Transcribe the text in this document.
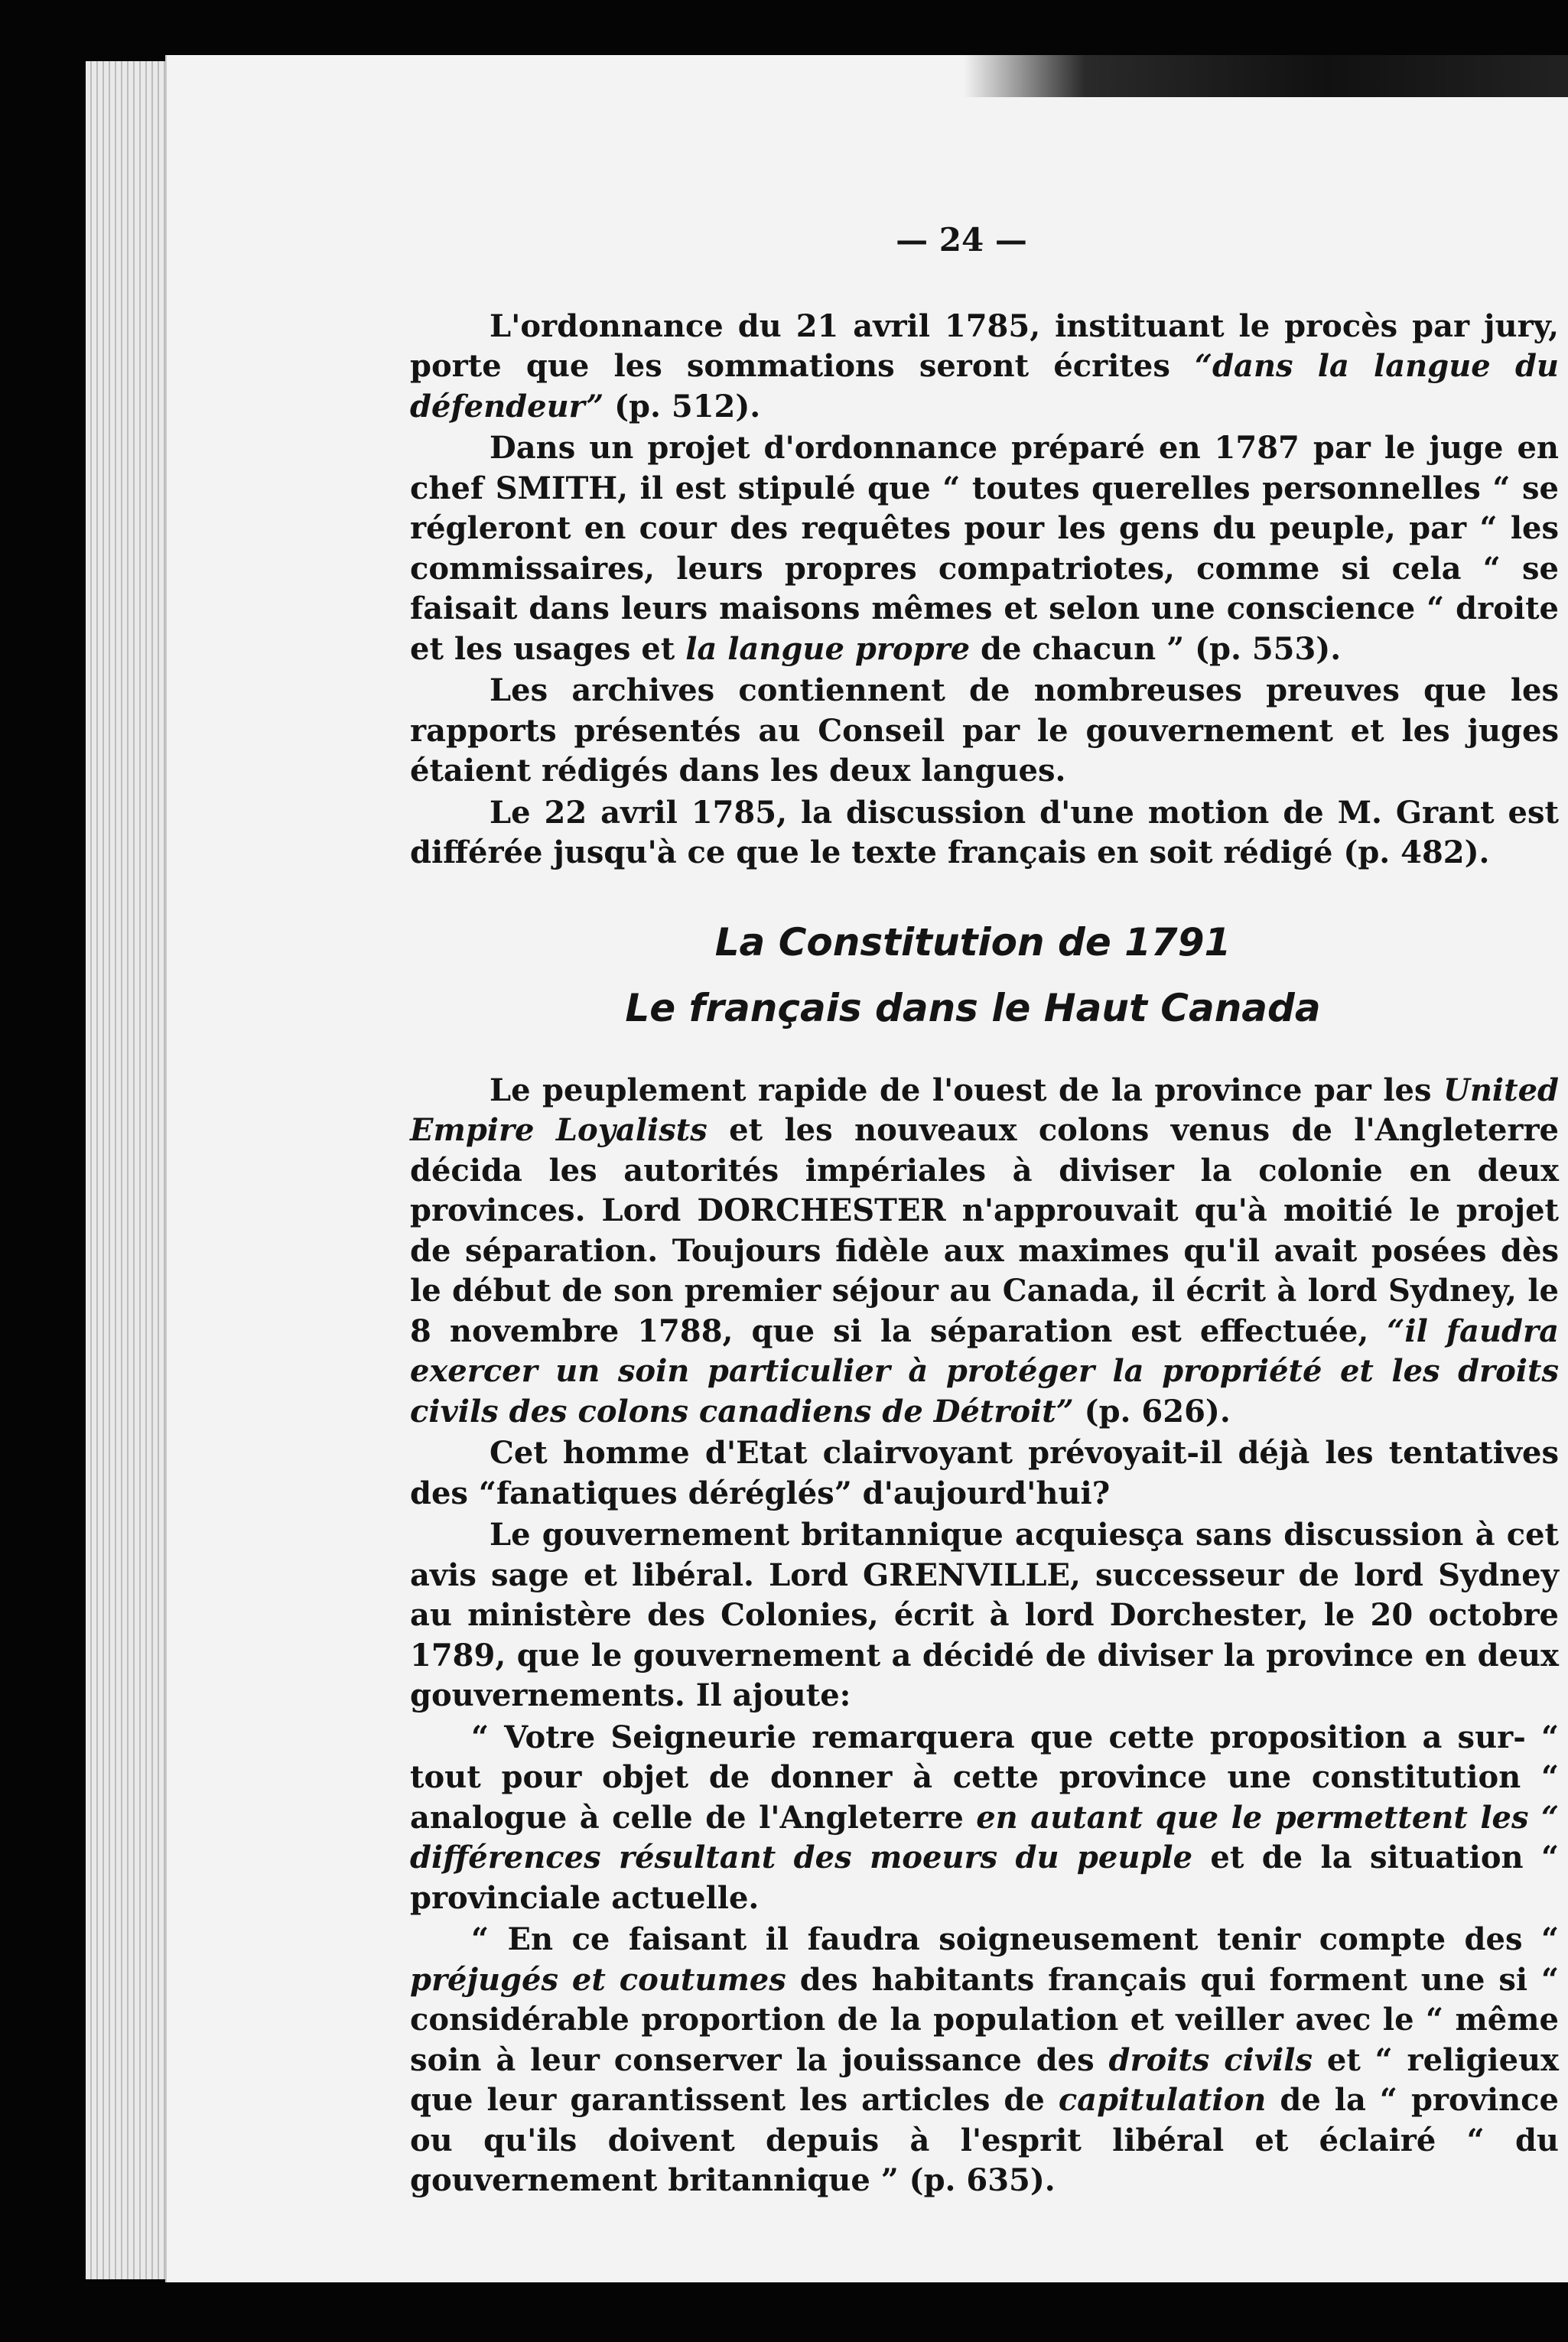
— 24 —
L'ordonnance du 21 avril 1785, instituant le procès par jury, porte que les sommations seront écrites “dans la langue du défendeur” (p. 512).
Dans un projet d'ordonnance préparé en 1787 par le juge en chef SMITH, il est stipulé que “ toutes querelles personnelles “ se régleront en cour des requêtes pour les gens du peuple, par “ les commissaires, leurs propres compatriotes, comme si cela “ se faisait dans leurs maisons mêmes et selon une conscience “ droite et les usages et la langue propre de chacun ” (p. 553).
Les archives contiennent de nombreuses preuves que les rapports présentés au Conseil par le gouvernement et les juges étaient rédigés dans les deux langues.
Le 22 avril 1785, la discussion d'une motion de M. Grant est différée jusqu'à ce que le texte français en soit rédigé (p. 482).
La Constitution de 1791
Le français dans le Haut Canada
Le peuplement rapide de l'ouest de la province par les United Empire Loyalists et les nouveaux colons venus de l'Angleterre décida les autorités impériales à diviser la colonie en deux provinces. Lord DORCHESTER n'approuvait qu'à moitié le projet de séparation. Toujours fidèle aux maximes qu'il avait posées dès le début de son premier séjour au Canada, il écrit à lord Sydney, le 8 novembre 1788, que si la séparation est effectuée, “il faudra exercer un soin particulier à protéger la propriété et les droits civils des colons canadiens de Détroit” (p. 626).
Cet homme d'Etat clairvoyant prévoyait-il déjà les tentatives des “fanatiques déréglés” d'aujourd'hui?
Le gouvernement britannique acquiesça sans discussion à cet avis sage et libéral. Lord GRENVILLE, successeur de lord Sydney au ministère des Colonies, écrit à lord Dorchester, le 20 octobre 1789, que le gouvernement a décidé de diviser la province en deux gouvernements. Il ajoute:
“ Votre Seigneurie remarquera que cette proposition a sur- “ tout pour objet de donner à cette province une constitution “ analogue à celle de l'Angleterre en autant que le permettent les “ différences résultant des moeurs du peuple et de la situation “ provinciale actuelle.
“ En ce faisant il faudra soigneusement tenir compte des “ préjugés et coutumes des habitants français qui forment une si “ considérable proportion de la population et veiller avec le “ même soin à leur conserver la jouissance des droits civils et “ religieux que leur garantissent les articles de capitulation de la “ province ou qu'ils doivent depuis à l'esprit libéral et éclairé “ du gouvernement britannique ” (p. 635).
